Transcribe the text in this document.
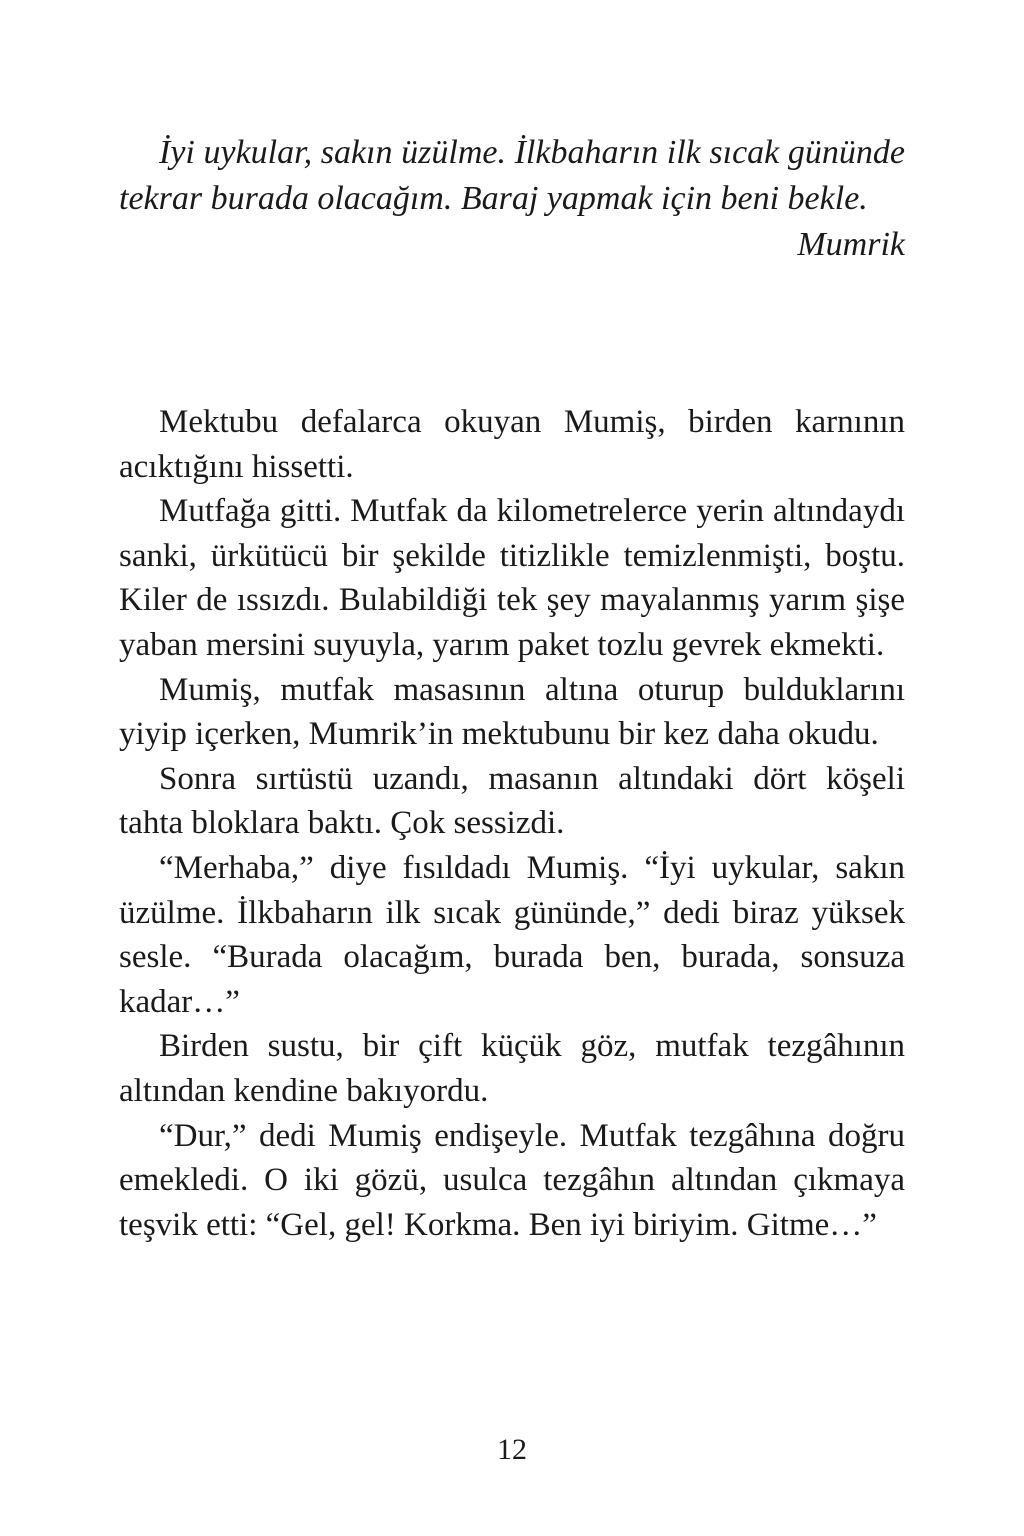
İyi uykular, sakın üzülme. İlkbaharın ilk sıcak gününde tekrar burada olacağım. Baraj yapmak için beni bekle.

Mumrik

Mektubu defalarca okuyan Mumiş, birden karnının acıktığını hissetti.

Mutfağa gitti. Mutfak da kilometrelerce yerin altındaydı sanki, ürkütücü bir şekilde titizlikle temizlenmişti, boştu. Kiler de ıssızdı. Bulabildiği tek şey mayalanmış yarım şişe yaban mersini suyuyla, yarım paket tozlu gevrek ekmekti.

Mumiş, mutfak masasının altına oturup bulduklarını yiyip içerken, Mumrik’in mektubunu bir kez daha okudu.

Sonra sırtüstü uzandı, masanın altındaki dört köşeli tahta bloklara baktı. Çok sessizdi.

“Merhaba,” diye fısıldadı Mumiş. “İyi uykular, sakın üzülme. İlkbaharın ilk sıcak gününde,” dedi biraz yüksek sesle. “Burada olacağım, burada ben, burada, sonsuza kadar…”

Birden sustu, bir çift küçük göz, mutfak tezgâhının altından kendine bakıyordu.

“Dur,” dedi Mumiş endişeyle. Mutfak tezgâhına doğru emekledi. O iki gözü, usulca tezgâhın altından çıkmaya teşvik etti: “Gel, gel! Korkma. Ben iyi biriyim. Gitme…”

12
